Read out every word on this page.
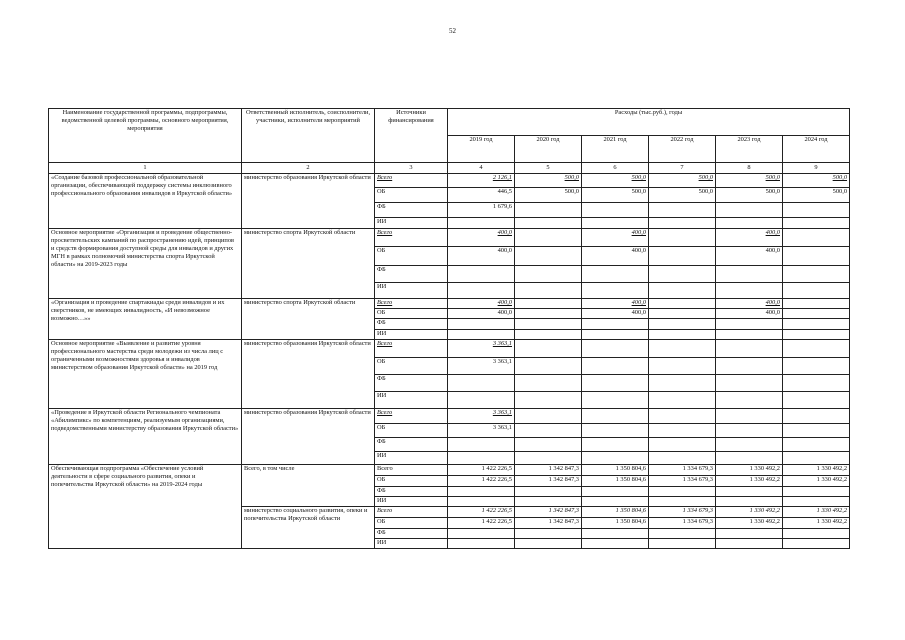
52
Наименование государственной программы, подпрограммы, ведомственной целевой программы, основного мероприятия, мероприятия	Ответственный исполнитель, соисполнители, участники, исполнители мероприятий	Источники финансирования	Расходы (тыс.руб.), годы					
			2019 год	2020 год	2021 год	2022 год	2023 год	2024 год
1	2	3	4	5	6	7	8	9
«Создание базовой профессиональной образовательной организации, обеспечивающей поддержку системы инклюзивного профессионального образования инвалидов в Иркутской области»	министерство образования Иркутской области	Всего	2 126,1	500,0	500,0	500,0	500,0	500,0
		ОБ	446,5	500,0	500,0	500,0	500,0	500,0
		ФБ	1 679,6					
		ИИ						
Основное мероприятие «Организация и проведение общественно-просветительских кампаний по распространению идей, принципов и средств формирования доступной среды для инвалидов и других МГН в рамках полномочий министерства спорта Иркутской области» на 2019-2023 годы	министерство спорта Иркутской области	Всего	400,0		400,0		400,0	
		ОБ	400,0		400,0		400,0	
		ФБ						
		ИИ						
«Организация и проведение спартакиады среди инвалидов и их сверстников, не имеющих инвалидность, «И невозможное возможно…»»	министерство спорта Иркутской области	Всего	400,0		400,0		400,0	
		ОБ	400,0		400,0		400,0	
		ФБ						
		ИИ						
Основное мероприятие «Выявление и развитие уровня профессионального мастерства среди молодежи из числа лиц с ограниченными возможностями здоровья и инвалидов министерством образования Иркутской области» на 2019 год	министерство образования Иркутской области	Всего	3 363,1					
		ОБ	3 363,1					
		ФБ						
		ИИ						
«Проведение в Иркутской области Регионального чемпионата «Абилимпикс» по компетенциям, реализуемым организациями, подведомственными министерству образования Иркутской области»	министерство образования Иркутской области	Всего	3 363,1					
		ОБ	3 363,1					
		ФБ						
		ИИ						
Обеспечивающая подпрограмма «Обеспечение условий деятельности в сфере социального развития, опеки и попечительства Иркутской области» на 2019-2024 годы	Всего, в том числе	Всего	1 422 226,5	1 342 847,3	1 350 804,6	1 334 679,3	1 330 492,2	1 330 492,2
		ОБ	1 422 226,5	1 342 847,3	1 350 804,6	1 334 679,3	1 330 492,2	1 330 492,2
		ФБ						
		ИИ						
	министерство социального развития, опеки и попечительства Иркутской области	Всего	1 422 226,5	1 342 847,3	1 350 804,6	1 334 679,3	1 330 492,2	1 330 492,2
		ОБ	1 422 226,5	1 342 847,3	1 350 804,6	1 334 679,3	1 330 492,2	1 330 492,2
		ФБ						
		ИИ						
